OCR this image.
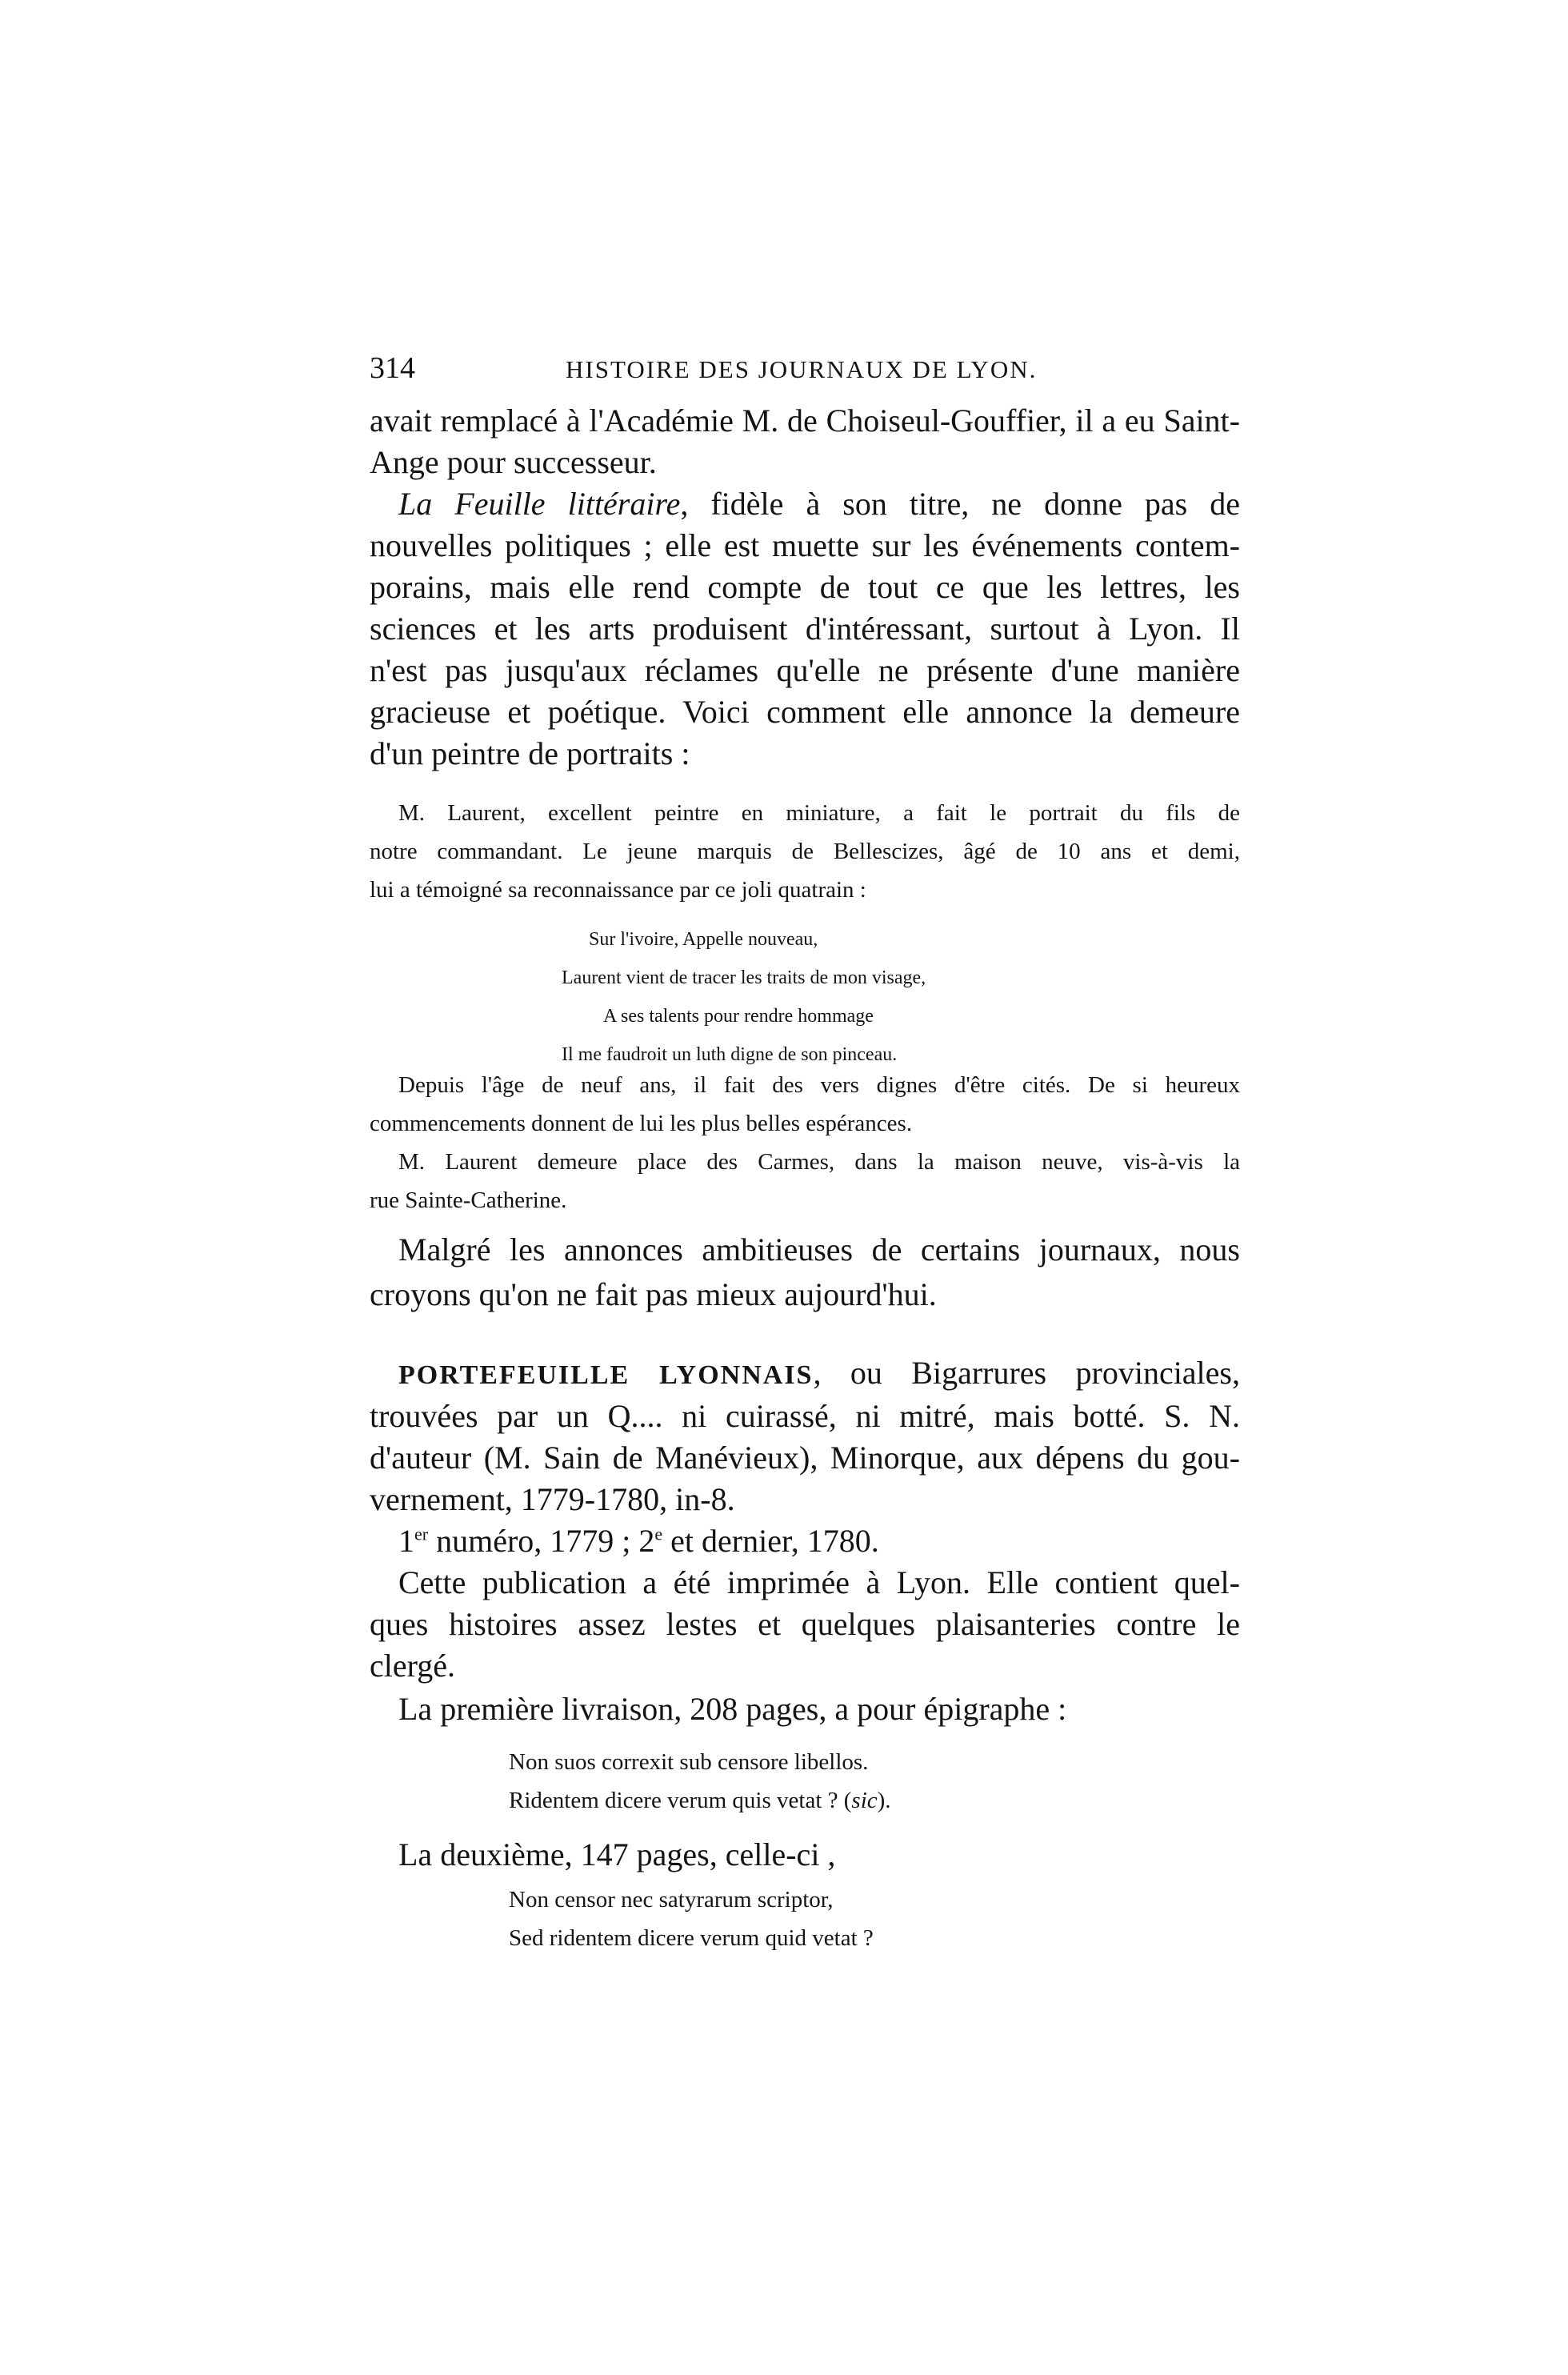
314	HISTOIRE DES JOURNAUX DE LYON.
avait remplacé à l'Académie M. de Choiseul-Gouffier, il a eu Saint-
Ange pour successeur.
La Feuille littéraire, fidèle à son titre, ne donne pas de
nouvelles politiques ; elle est muette sur les événements contem-
porains, mais elle rend compte de tout ce que les lettres, les
sciences et les arts produisent d'intéressant, surtout à Lyon. Il
n'est pas jusqu'aux réclames qu'elle ne présente d'une manière
gracieuse et poétique. Voici comment elle annonce la demeure
d'un peintre de portraits :
M. Laurent, excellent peintre en miniature, a fait le portrait du fils de
notre commandant. Le jeune marquis de Bellescizes, âgé de 10 ans et demi,
lui a témoigné sa reconnaissance par ce joli quatrain :
Sur l'ivoire, Appelle nouveau,
Laurent vient de tracer les traits de mon visage,
A ses talents pour rendre hommage
Il me faudroit un luth digne de son pinceau.
Depuis l'âge de neuf ans, il fait des vers dignes d'être cités. De si heureux
commencements donnent de lui les plus belles espérances.
M. Laurent demeure place des Carmes, dans la maison neuve, vis-à-vis la
rue Sainte-Catherine.
Malgré les annonces ambitieuses de certains journaux, nous
croyons qu'on ne fait pas mieux aujourd'hui.
PORTEFEUILLE LYONNAIS, ou Bigarrures provinciales,
trouvées par un Q.... ni cuirassé, ni mitré, mais botté. S. N.
d'auteur (M. Sain de Manévieux), Minorque, aux dépens du gou-
vernement, 1779-1780, in-8.
1er numéro, 1779 ; 2e et dernier, 1780.
Cette publication a été imprimée à Lyon. Elle contient quel-
ques histoires assez lestes et quelques plaisanteries contre le
clergé.
La première livraison, 208 pages, a pour épigraphe :
Non suos correxit sub censore libellos.
Ridentem dicere verum quis vetat ? (sic).
La deuxième, 147 pages, celle-ci ,
Non censor nec satyrarum scriptor,
Sed ridentem dicere verum quid vetat ?
